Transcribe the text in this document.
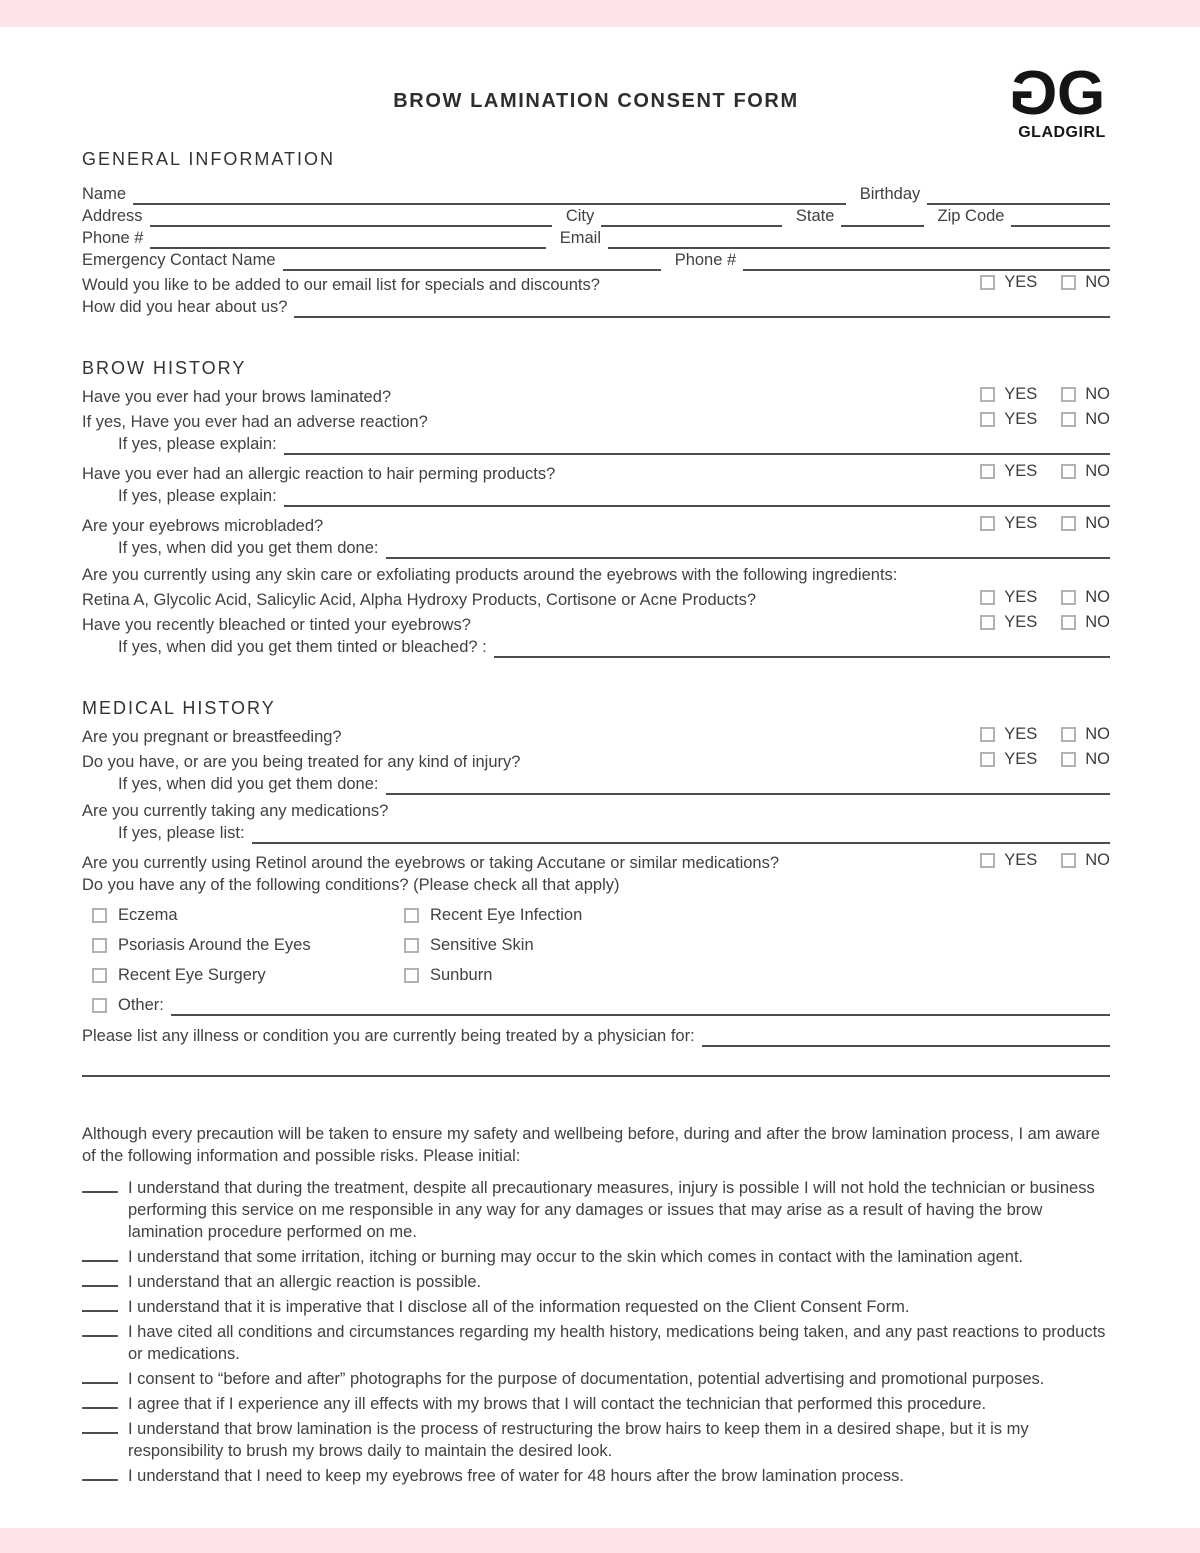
GG
GLADGIRL
BROW LAMINATION CONSENT FORM
GENERAL INFORMATION
Name	Birthday
Address	City	State	Zip Code
Phone #	Email
Emergency Contact Name	Phone #
Would you like to be added to our email list for specials and discounts?	YES	NO
How did you hear about us?
BROW HISTORY
Have you ever had your brows laminated?	YES	NO
If yes, Have you ever had an adverse reaction?	YES	NO
If yes, please explain:
Have you ever had an allergic reaction to hair perming products?	YES	NO
If yes, please explain:
Are your eyebrows microbladed?	YES	NO
If yes, when did you get them done:
Are you currently using any skin care or exfoliating products around the eyebrows with the following ingredients:
Retina A, Glycolic Acid, Salicylic Acid, Alpha Hydroxy Products, Cortisone or Acne Products?	YES	NO
Have you recently bleached or tinted your eyebrows?	YES	NO
If yes, when did you get them tinted or bleached? :
MEDICAL HISTORY
Are you pregnant or breastfeeding?	YES	NO
Do you have, or are you being treated for any kind of injury?	YES	NO
If yes, when did you get them done:
Are you currently taking any medications?
If yes, please list:
Are you currently using Retinol around the eyebrows or taking Accutane or similar medications?	YES	NO
Do you have any of the following conditions? (Please check all that apply)
Eczema	Recent Eye Infection
Psoriasis Around the Eyes	Sensitive Skin
Recent Eye Surgery	Sunburn
Other:
Please list any illness or condition you are currently being treated by a physician for:
Although every precaution will be taken to ensure my safety and wellbeing before, during and after the brow lamination process, I am aware of the following information and possible risks. Please initial:
I understand that during the treatment, despite all precautionary measures, injury is possible I will not hold the technician or business performing this service on me responsible in any way for any damages or issues that may arise as a result of having the brow lamination procedure performed on me.
I understand that some irritation, itching or burning may occur to the skin which comes in contact with the lamination agent.
I understand that an allergic reaction is possible.
I understand that it is imperative that I disclose all of the information requested on the Client Consent Form.
I have cited all conditions and circumstances regarding my health history, medications being taken, and any past reactions to products or medications.
I consent to “before and after” photographs for the purpose of documentation, potential advertising and promotional purposes.
I agree that if I experience any ill effects with my brows that I will contact the technician that performed this procedure.
I understand that brow lamination is the process of restructuring the brow hairs to keep them in a desired shape, but it is my responsibility to brush my brows daily to maintain the desired look.
I understand that I need to keep my eyebrows free of water for 48 hours after the brow lamination process.
